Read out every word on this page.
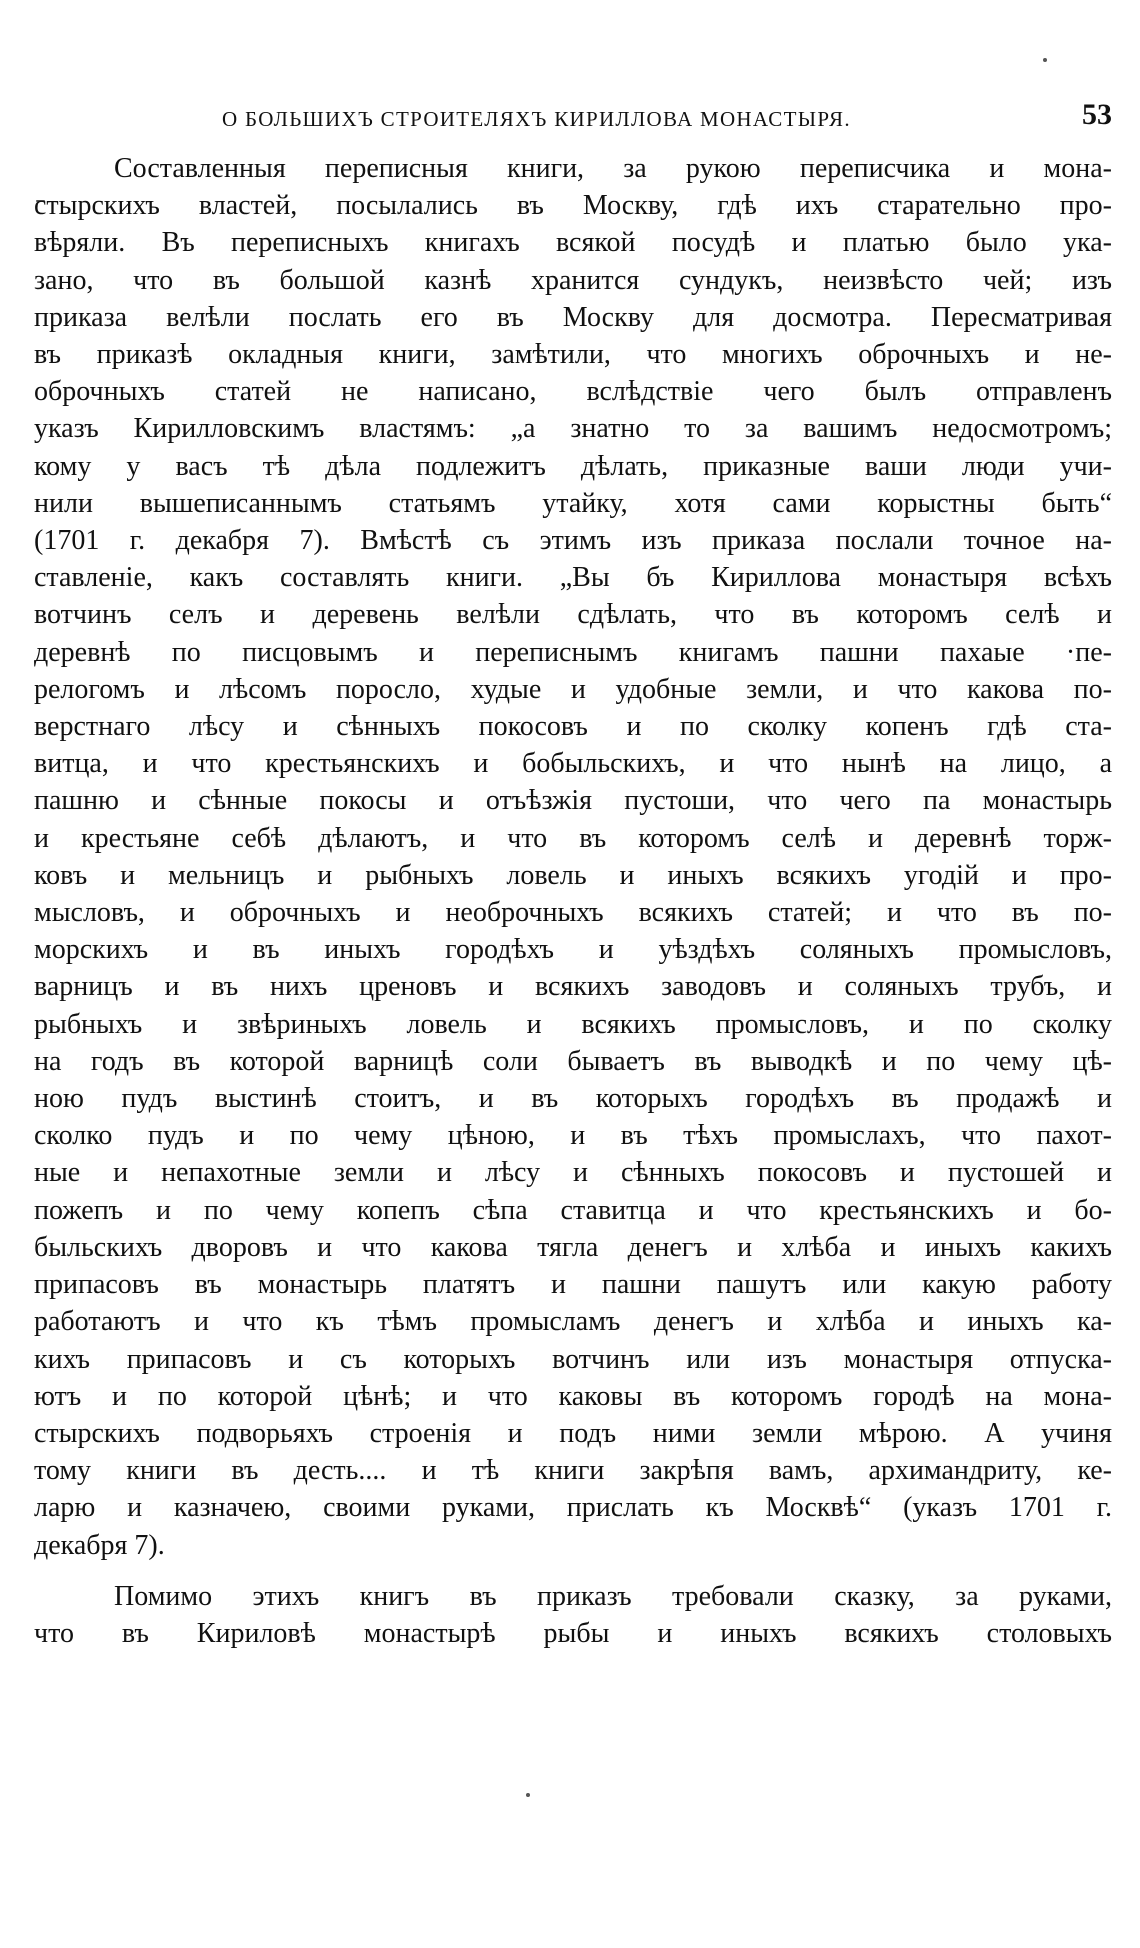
О БОЛЬШИХЪ СТРОИТЕЛЯХЪ КИРИЛЛОВА МОНАСТЫРЯ.	53
Составленныя переписныя книги, за рукою переписчика и мона-
стырскихъ властей, посылались въ Москву, гдѣ ихъ старательно про-
вѣряли. Въ переписныхъ книгахъ всякой посудѣ и платью было ука-
зано, что въ большой казнѣ хранится сундукъ, неизвѣсто чей; изъ
приказа велѣли послать его въ Москву для досмотра. Пересматривая
въ приказѣ окладныя книги, замѣтили, что многихъ оброчныхъ и не-
оброчныхъ статей не написано, вслѣдствіе чего былъ отправленъ
указъ Кирилловскимъ властямъ: „а знатно то за вашимъ недосмотромъ;
кому у васъ тѣ дѣла подлежитъ дѣлать, приказные ваши люди учи-
нили вышеписаннымъ статьямъ утайку, хотя сами корыстны быть“
(1701 г. декабря 7). Вмѣстѣ съ этимъ изъ приказа послали точное на-
ставленіе, какъ составлять книги. „Вы бъ Кириллова монастыря всѣхъ
вотчинъ селъ и деревень велѣли сдѣлать, что въ которомъ селѣ и
деревнѣ по писцовымъ и переписнымъ книгамъ пашни пахаые ·пе-
релогомъ и лѣсомъ поросло, худые и удобные земли, и что какова по-
верстнаго лѣсу и сѣнныхъ покосовъ и по сколку копенъ гдѣ ста-
витца, и что крестьянскихъ и бобыльскихъ, и что нынѣ на лицо, а
пашню и сѣнные покосы и отъѣзжія пустоши, что чего па монастырь
и крестьяне себѣ дѣлаютъ, и что въ которомъ селѣ и деревнѣ торж-
ковъ и мельницъ и рыбныхъ ловель и иныхъ всякихъ угодій и про-
мысловъ, и оброчныхъ и необрочныхъ всякихъ статей; и что въ по-
морскихъ и въ иныхъ городѣхъ и уѣздѣхъ соляныхъ промысловъ,
варницъ и въ нихъ цреновъ и всякихъ заводовъ и соляныхъ трубъ, и
рыбныхъ и звѣриныхъ ловель и всякихъ промысловъ, и по сколку
на годъ въ которой варницѣ соли бываетъ въ выводкѣ и по чему цѣ-
ною пудъ выстинѣ стоитъ, и въ которыхъ городѣхъ въ продажѣ и
сколко пудъ и по чему цѣною, и въ тѣхъ промыслахъ, что пахот-
ные и непахотные земли и лѣсу и сѣнныхъ покосовъ и пустошей и
пожепъ и по чему копепъ сѣпа ставитца и что крестьянскихъ и бо-
быльскихъ дворовъ и что какова тягла денегъ и хлѣба и иныхъ какихъ
припасовъ въ монастырь платятъ и пашни пашутъ или какую работу
работаютъ и что къ тѣмъ промысламъ денегъ и хлѣба и иныхъ ка-
кихъ припасовъ и съ которыхъ вотчинъ или изъ монастыря отпуска-
ютъ и по которой цѣнѣ; и что каковы въ которомъ городѣ на мона-
стырскихъ подворьяхъ строенія и подъ ними земли мѣрою. А учиня
тому книги въ десть.... и тѣ книги закрѣпя вамъ, архимандриту, ке-
ларю и казначею, своими руками, прислать къ Москвѣ“ (указъ 1701 г.
декабря 7).
Помимо этихъ книгъ въ приказъ требовали сказку, за руками,
что въ Кириловѣ монастырѣ рыбы и иныхъ всякихъ столовыхъ
